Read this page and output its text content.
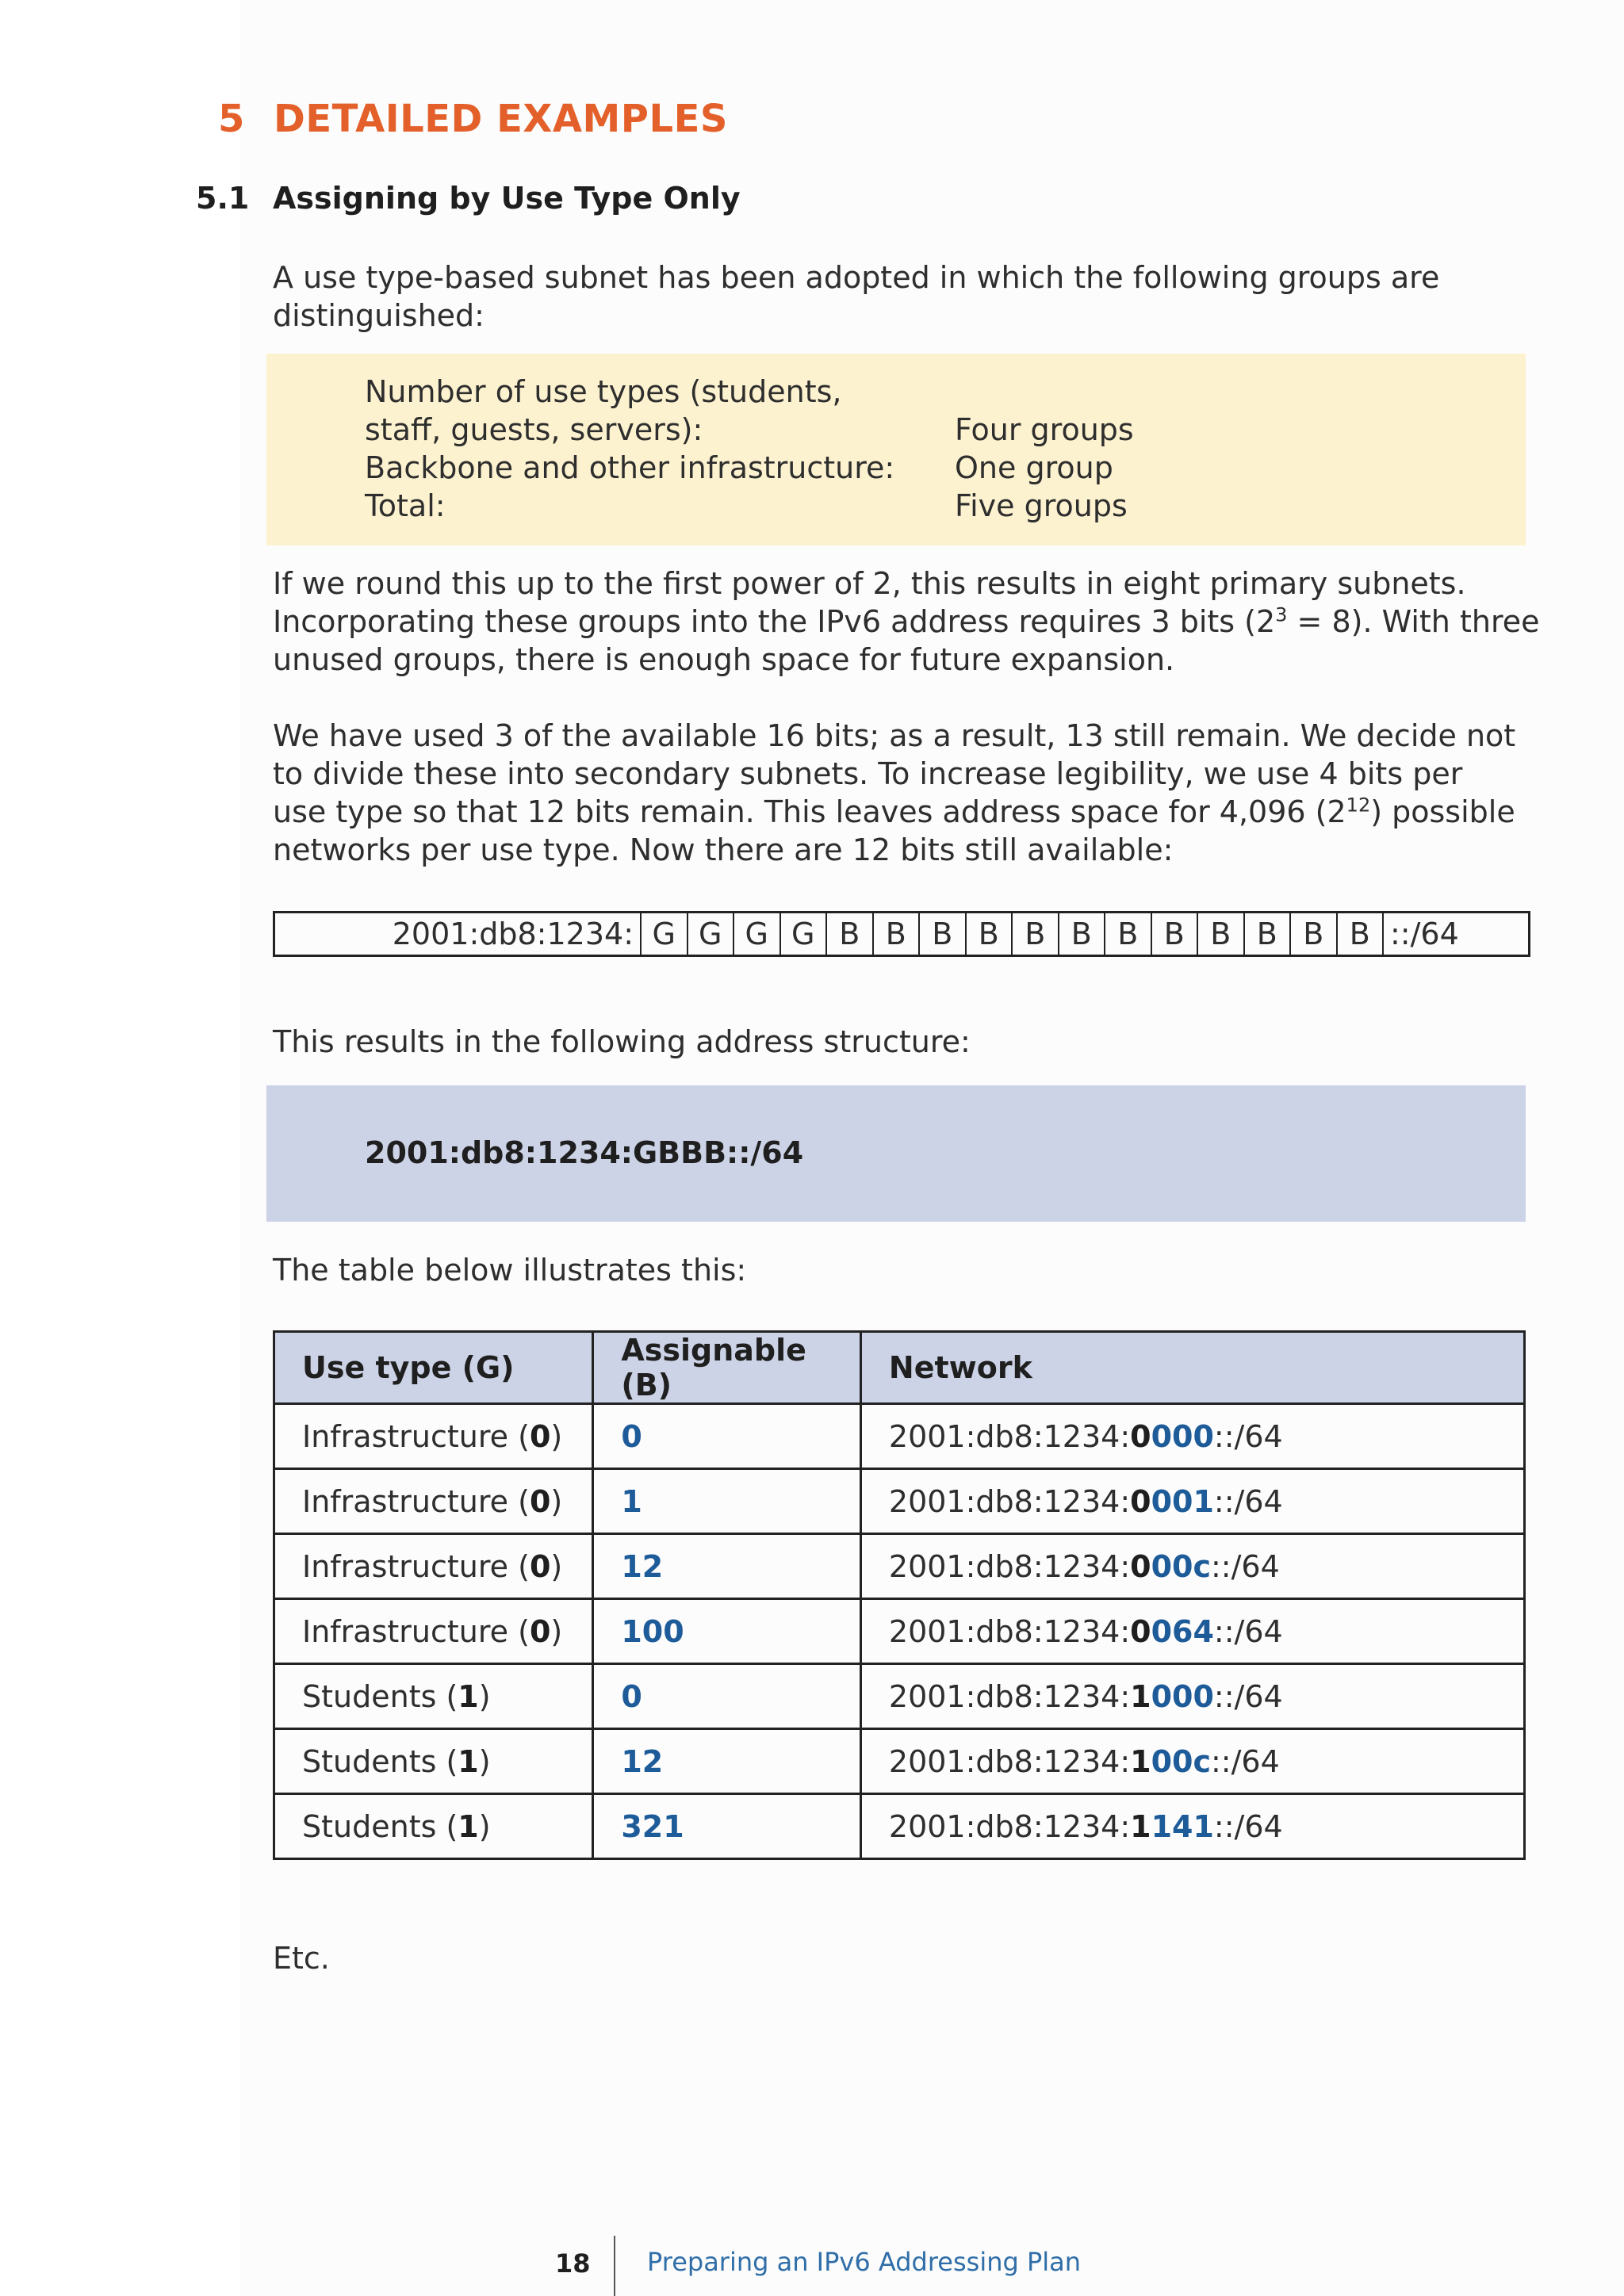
5 DETAILED EXAMPLES
5.1 Assigning by Use Type Only
A use type-based subnet has been adopted in which the following groups are distinguished:
Number of use types (students,
staff, guests, servers):	Four groups
Backbone and other infrastructure: One group
Total:	Five groups
If we round this up to the first power of 2, this results in eight primary subnets.
Incorporating these groups into the IPv6 address requires 3 bits $(2^3 = 8)$. With three
unused groups, there is enough space for future expansion.
We have used 3 of the available 16 bits; as a result, 13 still remain. We decide not
to divide these into secondary subnets. To increase legibility, we use 4 bits per
use type so that 12 bits remain. This leaves address space for 4,096 $(2^{12})$ possible
networks per use type. Now there are 12 bits still available:
2001:db8:1234: G G G G B B B B B B B B B B B B ::/64
This results in the following address structure:
2001:db8:1234:GBBB::/64
The table below illustrates this:
Use type (G)	Assignable (B)	Network
Infrastructure (0)	0	2001:db8:1234:0000::/64
Infrastructure (0)	1	2001:db8:1234:0001::/64
Infrastructure (0)	12	2001:db8:1234:000c::/64
Infrastructure (0)	100	2001:db8:1234:0064::/64
Students (1)	0	2001:db8:1234:1000::/64
Students (1)	12	2001:db8:1234:100c::/64
Students (1)	321	2001:db8:1234:1141::/64
Etc.
18 Preparing an IPv6 Addressing Plan
